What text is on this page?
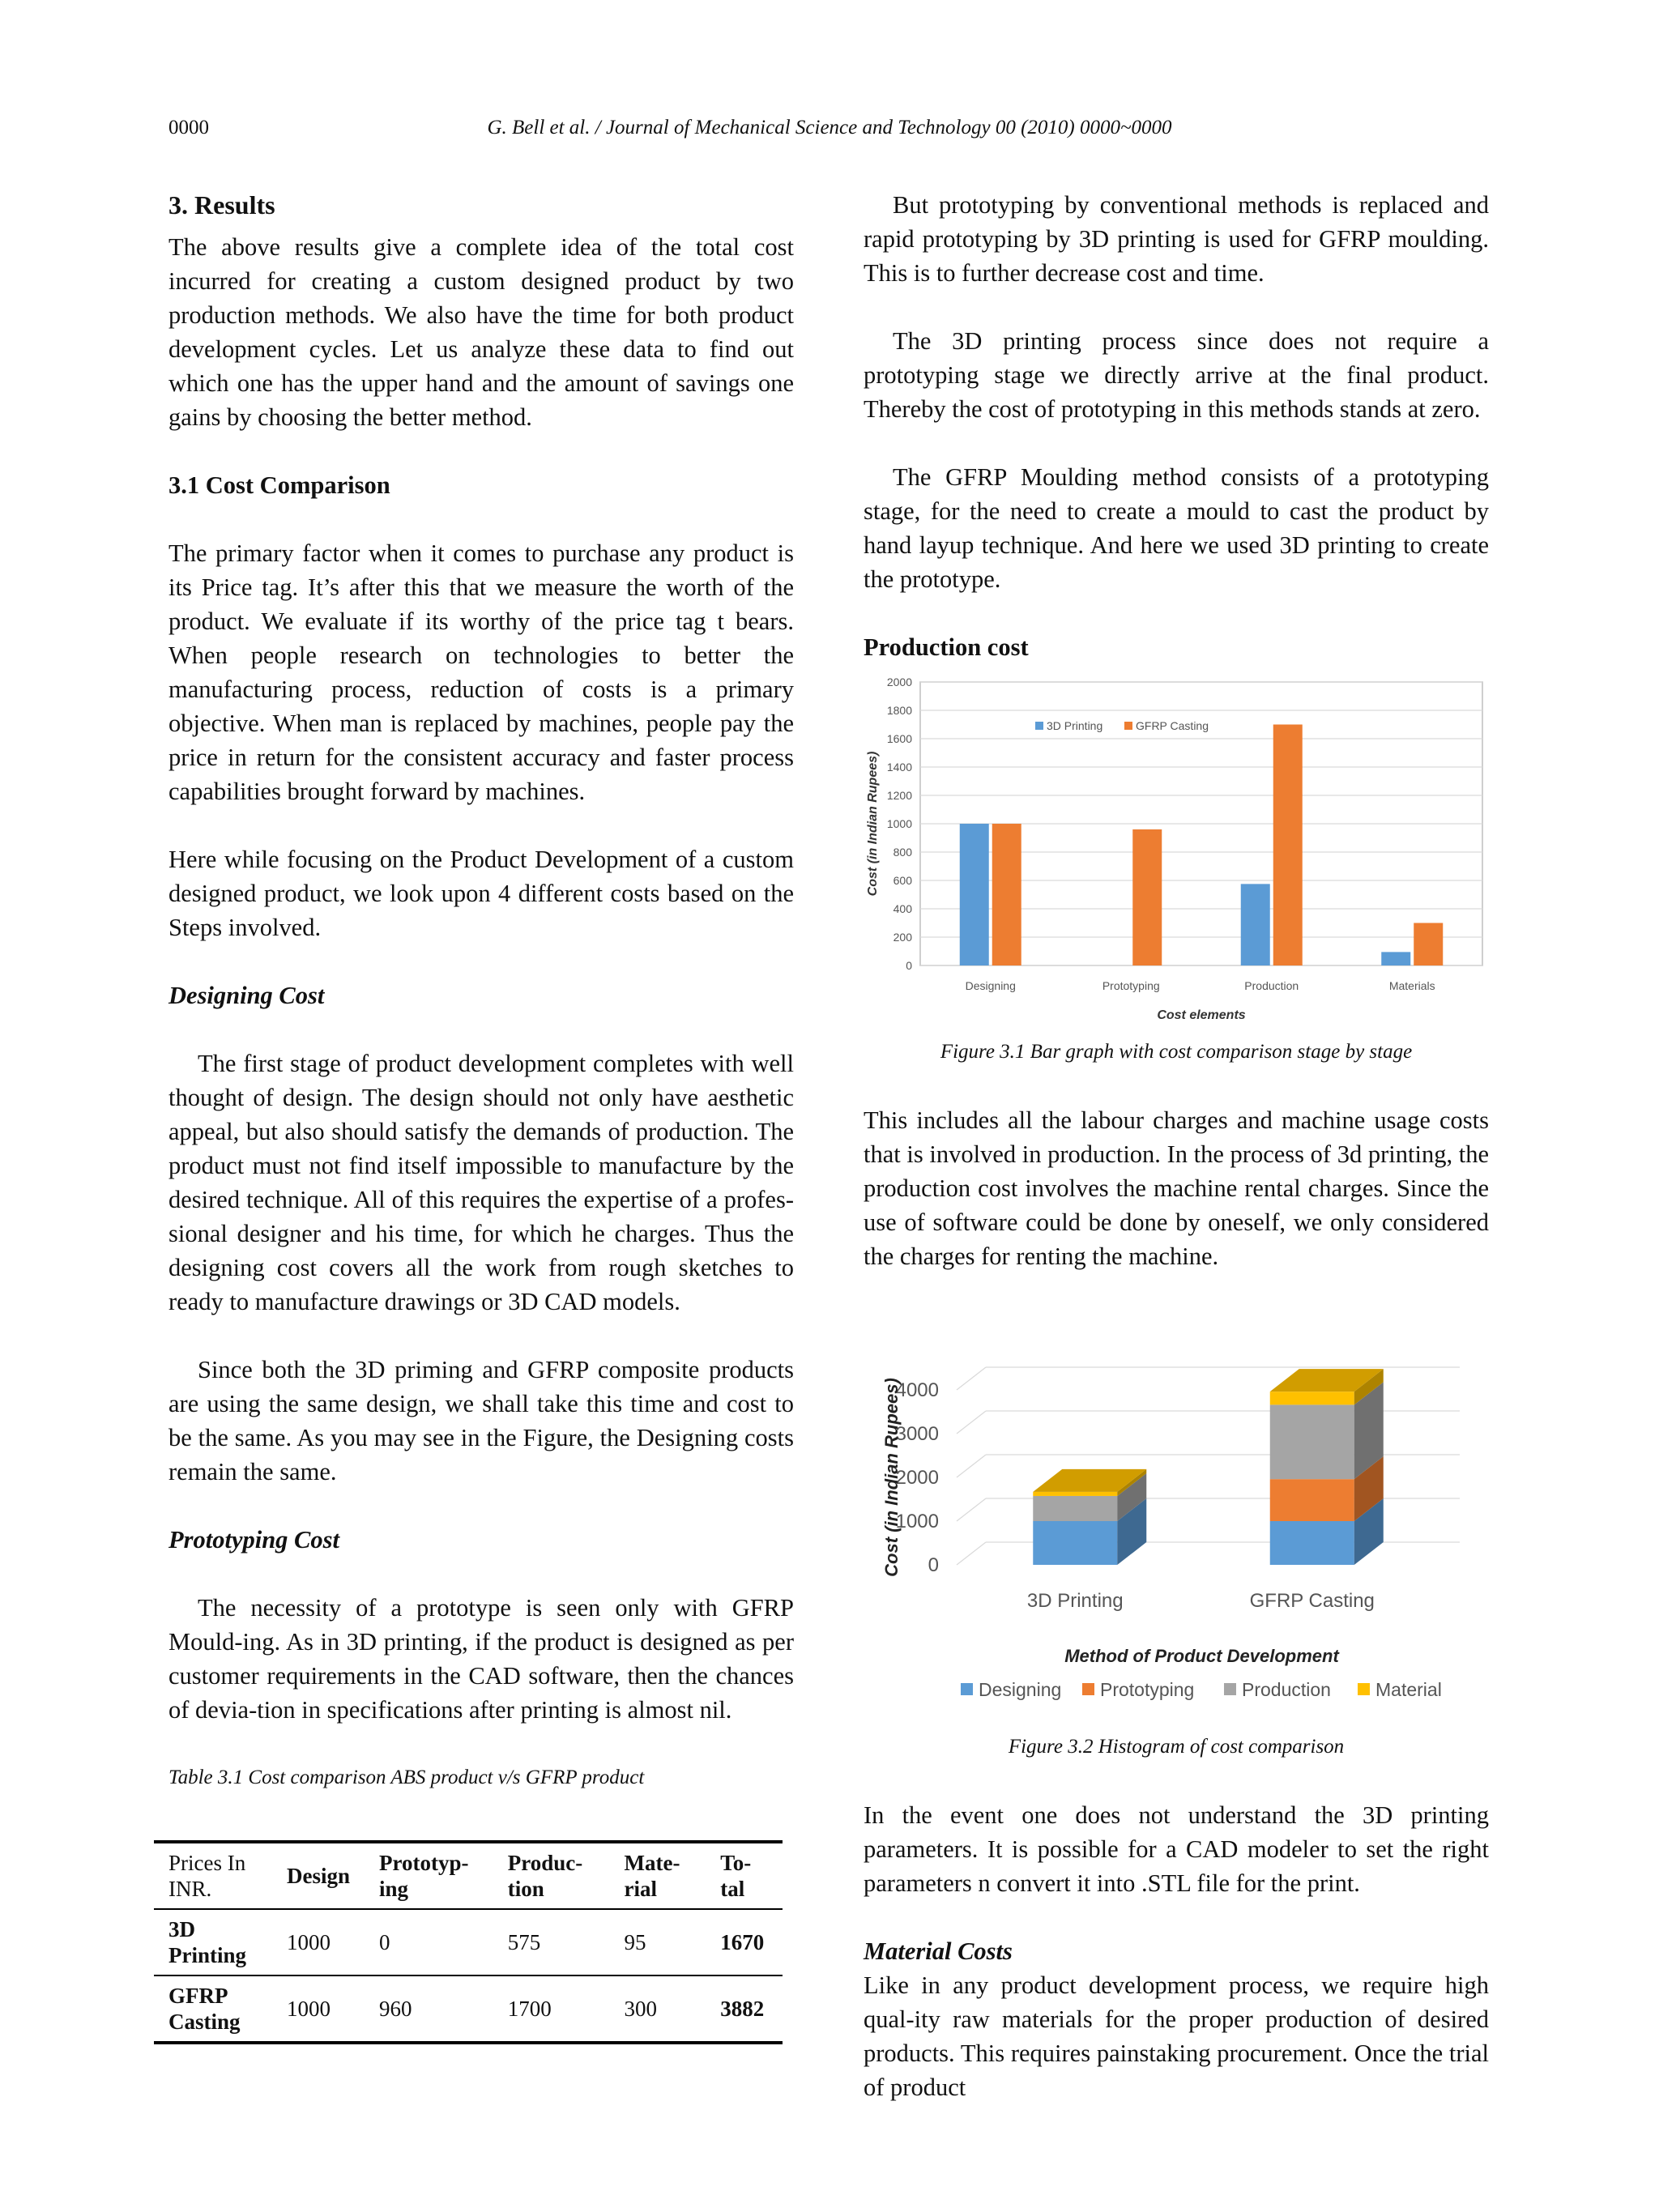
0000	G. Bell et al. / Journal of Mechanical Science and Technology 00 (2010) 0000~0000
3. Results

The above results give a complete idea of the total cost incurred for creating a custom designed product by two production methods. We also have the time for both product development cycles. Let us analyze these data to find out which one has the upper hand and the amount of savings one gains by choosing the better method.

3.1 Cost Comparison

The primary factor when it comes to purchase any product is its Price tag. It’s after this that we measure the worth of the product. We evaluate if its worthy of the price tag t bears. When people research on technologies to better the manufacturing process, reduction of costs is a primary objective. When man is replaced by machines, people pay the price in return for the consistent accuracy and faster process capabilities brought forward by machines.

Here while focusing on the Product Development of a custom designed product, we look upon 4 different costs based on the Steps involved.

Designing Cost

The first stage of product development completes with well thought of design. The design should not only have aesthetic appeal, but also should satisfy the demands of production. The product must not find itself impossible to manufacture by the desired technique. All of this requires the expertise of a profes-sional designer and his time, for which he charges. Thus the designing cost covers all the work from rough sketches to ready to manufacture drawings or 3D CAD models.

Since both the 3D priming and GFRP composite products are using the same design, we shall take this time and cost to be the same. As you may see in the Figure, the Designing costs remain the same.

Prototyping Cost

The necessity of a prototype is seen only with GFRP Mould-ing. As in 3D printing, if the product is designed as per customer requirements in the CAD software, then the chances of devia-tion in specifications after printing is almost nil.

Table 3.1 Cost comparison ABS product v/s GFRP product

Prices In INR.	Design	Prototyp-ing	Produc-tion	Mate-rial	To-tal
3D Printing	1000	0	575	95	1670
GFRP Casting	1000	960	1700	300	3882

But prototyping by conventional methods is replaced and rapid prototyping by 3D printing is used for GFRP moulding. This is to further decrease cost and time.

The 3D printing process since does not require a prototyping stage we directly arrive at the final product. Thereby the cost of prototyping in this methods stands at zero.

The GFRP Moulding method consists of a prototyping stage, for the need to create a mould to cast the product by hand layup technique. And here we used 3D printing to create the prototype.

Production cost

0
200
400
600
800
1000
1200
1400
1600
1800
2000
Designing	Prototyping	Production	Materials
Cost elements
Cost (in Indian Rupees)
3D Printing	GFRP Casting

Figure 3.1 Bar graph with cost comparison stage by stage

This includes all the labour charges and machine usage costs that is involved in production. In the process of 3d printing, the production cost involves the machine rental charges. Since the use of software could be done by oneself, we only considered the charges for renting the machine.

0
1000
2000
3000
4000
3D Printing	GFRP Casting
Method of Product Development
Cost (in Indian Rupees)
Designing Prototyping	Production Material

Figure 3.2 Histogram of cost comparison

In the event one does not understand the 3D printing parameters. It is possible for a CAD modeler to set the right parameters n convert it into .STL file for the print.

Material Costs

Like in any product development process, we require high qual-ity raw materials for the proper production of desired products. This requires painstaking procurement. Once the trial of product
